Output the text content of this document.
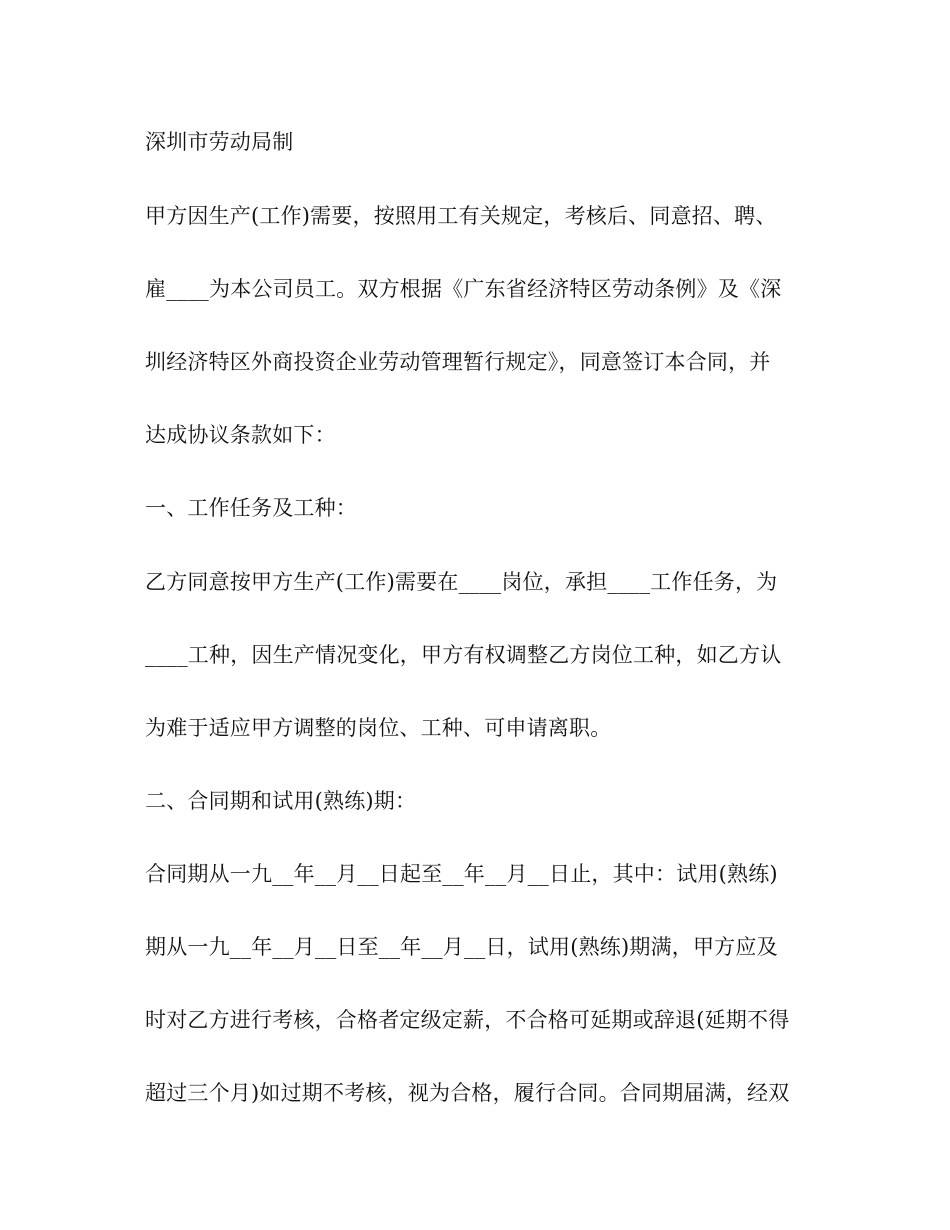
深圳市劳动局制
甲方因生产(工作)需要，按照用工有关规定，考核后、同意招、聘、
雇____为本公司员工。双方根据《广东省经济特区劳动条例》及《深
圳经济特区外商投资企业劳动管理暂行规定》，同意签订本合同，并
达成协议条款如下：
一、工作任务及工种：
乙方同意按甲方生产(工作)需要在____岗位，承担____工作任务，为
____工种，因生产情况变化，甲方有权调整乙方岗位工种，如乙方认
为难于适应甲方调整的岗位、工种、可申请离职。
二、合同期和试用(熟练)期：
合同期从一九__年__月__日起至__年__月__日止，其中：试用(熟练)
期从一九__年__月__日至__年__月__日，试用(熟练)期满，甲方应及
时对乙方进行考核，合格者定级定薪，不合格可延期或辞退(延期不得
超过三个月)如过期不考核，视为合格，履行合同。合同期届满，经双
